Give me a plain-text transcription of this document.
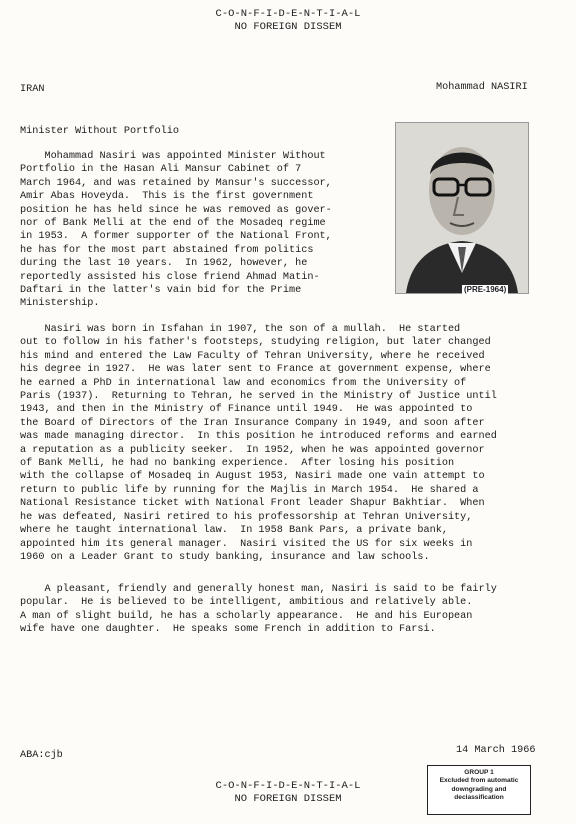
C-O-N-F-I-D-E-N-T-I-A-L
NO FOREIGN DISSEM
IRAN	Mohammad NASIRI
Minister Without Portfolio
(PRE-1964)
Mohammad Nasiri was appointed Minister Without
Portfolio in the Hasan Ali Mansur Cabinet of 7
March 1964, and was retained by Mansur's successor,
Amir Abas Hoveyda.  This is the first government
position he has held since he was removed as gover-
nor of Bank Melli at the end of the Mosadeq regime
in 1953.  A former supporter of the National Front,
he has for the most part abstained from politics
during the last 10 years.  In 1962, however, he
reportedly assisted his close friend Ahmad Matin-
Daftari in the latter's vain bid for the Prime
Ministership.
Nasiri was born in Isfahan in 1907, the son of a mullah.  He started
out to follow in his father's footsteps, studying religion, but later changed
his mind and entered the Law Faculty of Tehran University, where he received
his degree in 1927.  He was later sent to France at government expense, where
he earned a PhD in international law and economics from the University of
Paris (1937).  Returning to Tehran, he served in the Ministry of Justice until
1943, and then in the Ministry of Finance until 1949.  He was appointed to
the Board of Directors of the Iran Insurance Company in 1949, and soon after
was made managing director.  In this position he introduced reforms and earned
a reputation as a publicity seeker.  In 1952, when he was appointed governor
of Bank Melli, he had no banking experience.  After losing his position
with the collapse of Mosadeq in August 1953, Nasiri made one vain attempt to
return to public life by running for the Majlis in March 1954.  He shared a
National Resistance ticket with National Front leader Shapur Bakhtiar.  When
he was defeated, Nasiri retired to his professorship at Tehran University,
where he taught international law.  In 1958 Bank Pars, a private bank,
appointed him its general manager.  Nasiri visited the US for six weeks in
1960 on a Leader Grant to study banking, insurance and law schools.
A pleasant, friendly and generally honest man, Nasiri is said to be fairly
popular.  He is believed to be intelligent, ambitious and relatively able.
A man of slight build, he has a scholarly appearance.  He and his European
wife have one daughter.  He speaks some French in addition to Farsi.
ABA:cjb	14 March 1966
GROUP 1
Excluded from automatic
downgrading and
declassification
C-O-N-F-I-D-E-N-T-I-A-L
NO FOREIGN DISSEM
